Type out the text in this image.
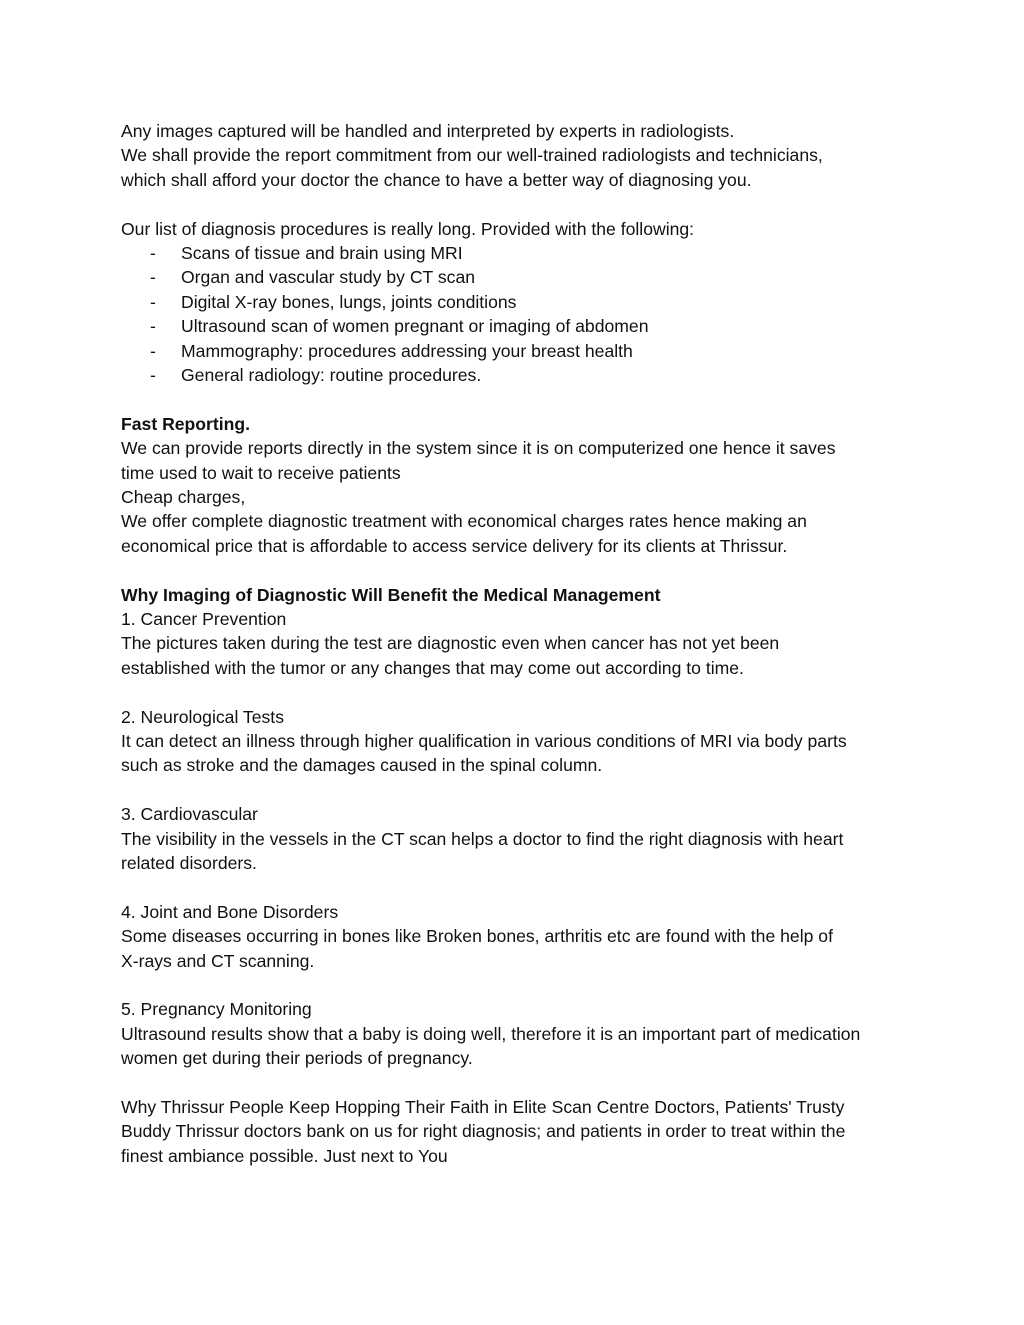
Any images captured will be handled and interpreted by experts in radiologists.
We shall provide the report commitment from our well-trained radiologists and technicians,
which shall afford your doctor the chance to have a better way of diagnosing you.
Our list of diagnosis procedures is really long. Provided with the following:
- Scans of tissue and brain using MRI
- Organ and vascular study by CT scan
- Digital X-ray bones, lungs, joints conditions
- Ultrasound scan of women pregnant or imaging of abdomen
- Mammography: procedures addressing your breast health
- General radiology: routine procedures.
Fast Reporting.
We can provide reports directly in the system since it is on computerized one hence it saves
time used to wait to receive patients
Cheap charges,
We offer complete diagnostic treatment with economical charges rates hence making an
economical price that is affordable to access service delivery for its clients at Thrissur.
Why Imaging of Diagnostic Will Benefit the Medical Management
1. Cancer Prevention
The pictures taken during the test are diagnostic even when cancer has not yet been
established with the tumor or any changes that may come out according to time.
2. Neurological Tests
It can detect an illness through higher qualification in various conditions of MRI via body parts
such as stroke and the damages caused in the spinal column.
3. Cardiovascular
The visibility in the vessels in the CT scan helps a doctor to find the right diagnosis with heart
related disorders.
4. Joint and Bone Disorders
Some diseases occurring in bones like Broken bones, arthritis etc are found with the help of
X-rays and CT scanning.
5. Pregnancy Monitoring
Ultrasound results show that a baby is doing well, therefore it is an important part of medication
women get during their periods of pregnancy.
Why Thrissur People Keep Hopping Their Faith in Elite Scan Centre Doctors, Patients' Trusty
Buddy Thrissur doctors bank on us for right diagnosis; and patients in order to treat within the
finest ambiance possible. Just next to You
